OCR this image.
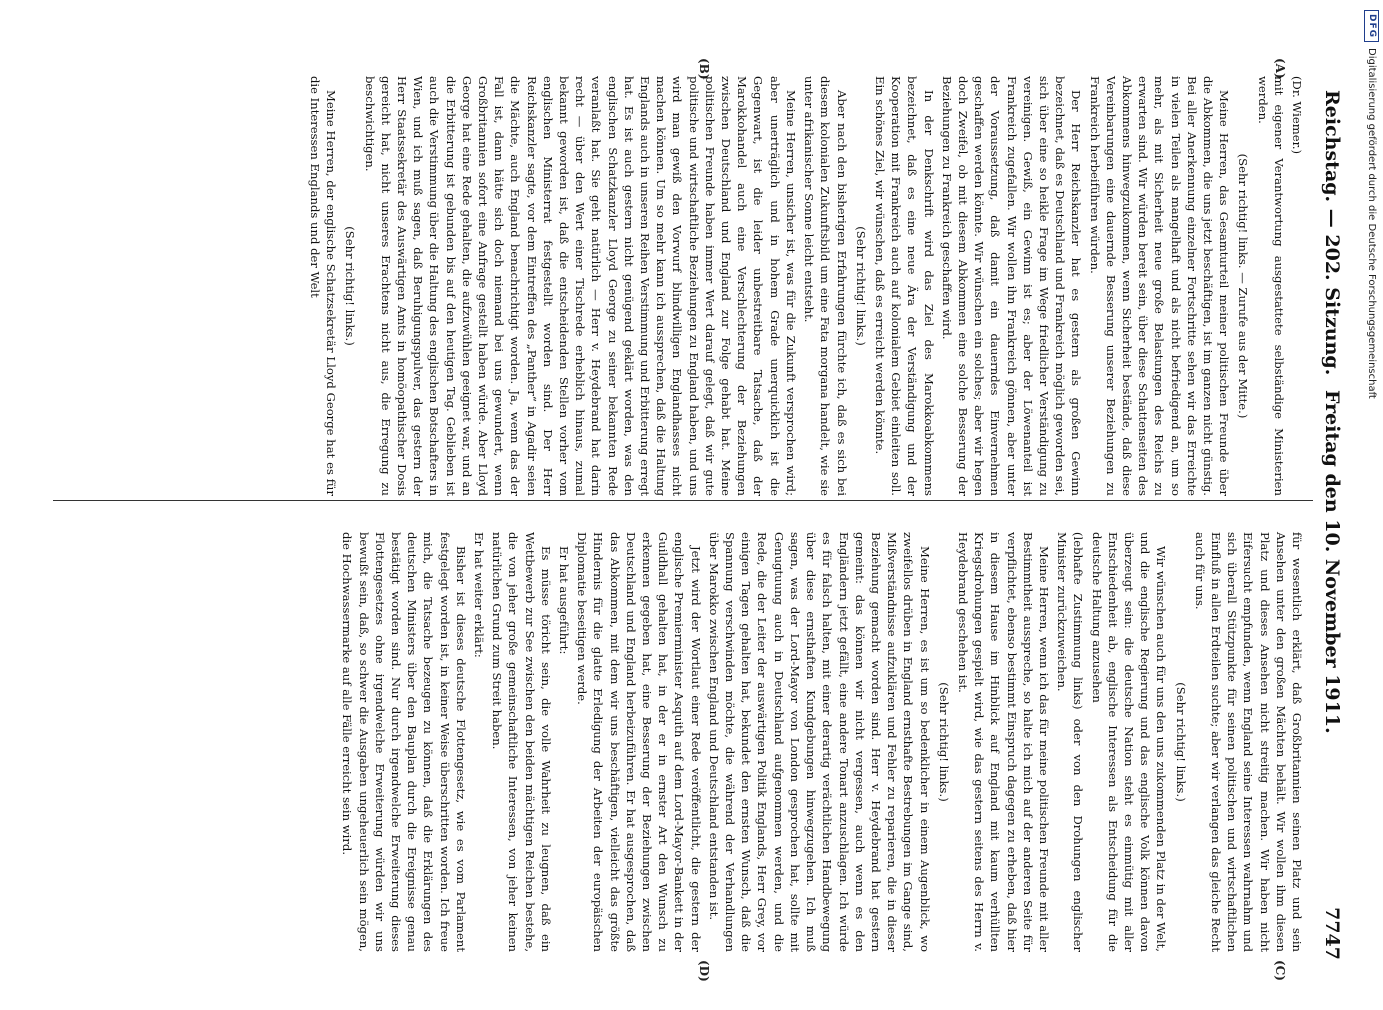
DFG
Digitalisierung gefördert durch die Deutsche Forschungsgemeinschaft
Reichstag. — 202. Sitzung.
Freitag den 10. November 1911.
7747
(A)
(B)
(C)
(D)

(Dr. Wiemer.)

mit eigener Verantwortung ausgestattete selbständige Ministerien werden.

(Sehr richtig! links. — Zurufe aus der Mitte.)

Meine Herren, das Gesamturteil meiner politischen Freunde über die Abkommen, die uns jetzt beschäftigen, ist im ganzen nicht günstig. Bei aller Anerkennung einzelner Fortschritte sehen wir das Erreichte in vielen Teilen als mangelhaft und als nicht befriedigend an, um so mehr, als mit Sicherheit neue große Belastungen des Reichs zu erwarten sind. Wir würden bereit sein, über diese Schattenseiten des Abkommens hinwegzukommen, wenn Sicherheit bestände, daß diese Vereinbarungen eine dauernde Besserung unserer Beziehungen zu Frankreich herbeiführen würden.

Der Herr Reichskanzler hat es gestern als großen Gewinn bezeichnet, daß es Deutschland und Frankreich möglich geworden sei, sich über eine so heikle Frage im Wege friedlicher Verständigung zu vereinigen. Gewiß, ein Gewinn ist es; aber der Löwenanteil ist Frankreich zugefallen. Wir wollen ihn Frankreich gönnen, aber unter der Voraussetzung, daß damit ein dauerndes Einvernehmen geschaffen werden könnte. Wir wünschen ein solches; aber wir hegen doch Zweifel, ob mit diesem Abkommen eine solche Besserung der Beziehungen zu Frankreich geschaffen wird.

In der Denkschrift wird das Ziel des Marokkoabkommens bezeichnet, daß es eine neue Ära der Verständigung und der Kooperation mit Frankreich auch auf kolonialem Gebiet einleiten soll. Ein schönes Ziel, wir wünschen, daß es erreicht werden könnte.

(Sehr richtig! links.)

Aber nach den bisherigen Erfahrungen fürchte ich, daß es sich bei diesem kolonialen Zukunftsbild um eine Fata morgana handelt, wie sie unter afrikanischer Sonne leicht entsteht.

Meine Herren, unsicher ist, was für die Zukunft versprochen wird; aber unerträglich und in hohem Grade unerquicklich ist die Gegenwart, ist die leider unbestreitbare Tatsache, daß der Marokkohandel auch eine Verschlechterung der Beziehungen zwischen Deutschland und England zur Folge gehabt hat. Meine politischen Freunde haben immer Wert darauf gelegt, daß wir gute politische und wirtschaftliche Beziehungen zu England haben, und uns wird man gewiß den Vorwurf blindwilligen Englandhasses nicht machen können. Um so mehr kann ich aussprechen, daß die Haltung Englands auch in unseren Reihen Verstimmung und Erbitterung erregt hat. Es ist auch gestern nicht genügend geklärt worden, was den englischen Schatzkanzler Lloyd George zu seiner bekannten Rede veranlaßt hat. Sie geht natürlich — Herr v. Heydebrand hat darin recht — über den Wert einer Tischrede erheblich hinaus, zumal bekannt geworden ist, daß die entscheidenden Stellen vorher vom englischen Ministerrat festgestellt worden sind. Der Herr Reichskanzler sagte, vor dem Eintreffen des „Panther“ in Agadir seien die Mächte, auch England benachrichtigt worden. Ja, wenn das der Fall ist, dann hätte sich doch niemand bei uns gewundert, wenn Großbritannien sofort eine Anfrage gestellt haben würde. Aber Lloyd George hat eine Rede gehalten, die aufzuwühlen geeignet war, und an die Erbitterung ist gebunden bis auf den heutigen Tag. Geblieben ist auch die Verstimmung über die Haltung des englischen Botschafters in Wien, und ich muß sagen, daß Beruhigungspulver, das gestern der Herr Staatssekretär des Auswärtigen Amts in homöopathischer Dosis gereicht hat, nicht unseres Erachtens nicht aus, die Erregung zu beschwichtigen.

(Sehr richtig! links.)

Meine Herren, der englische Schatzsekretär Lloyd George hat es für die Interessen Englands und der Welt

für wesentlich erklärt, daß Großbritannien seinen Platz und sein Ansehen unter den großen Mächten behält. Wir wollen ihm diesen Platz und dieses Ansehen nicht streitig machen. Wir haben nicht Eifersucht empfunden, wenn England seine Interessen wahrnahm und sich überall Stützpunkte für seinen politischen und wirtschaftlichen Einfluß in allen Erdteilen suchte; aber wir verlangen das gleiche Recht auch für uns.

(Sehr richtig! links.)

Wir wünschen auch für uns den uns zukommenden Platz in der Welt, und die englische Regierung und das englische Volk können davon überzeugt sein: die deutsche Nation steht es einmütig mit aller Entschiedenheit ab, englische Interessen als Entscheidung für die deutsche Haltung anzusehen

(lebhafte Zustimmung links) oder von den Drohungen englischer Minister zurückzuweichen.

Meine Herren, wenn ich das für meine politischen Freunde mit aller Bestimmtheit ausspreche, so halte ich mich auf der anderen Seite für verpflichtet, ebenso bestimmt Einspruch dagegen zu erheben, daß hier in diesem Hause im Hinblick auf England mit kaum verhüllten Kriegsdrohungen gespielt wird, wie das gestern seitens des Herrn v. Heydebrand geschehen ist.

(Sehr richtig! links.)

Meine Herren, es ist um so bedenklicher in einem Augenblick, wo zweifellos drüben in England ernsthafte Bestrebungen im Gange sind, Mißverständnisse aufzuklären und Fehler zu reparieren, die in dieser Beziehung gemacht worden sind. Herr v. Heydebrand hat gestern gemeint: das können wir nicht vergessen, auch wenn es den Engländern jetzt gefällt, eine andere Tonart anzuschlagen. Ich würde es für falsch halten, mit einer derartig verächtlichen Handbewegung über diese ernsthaften Kundgebungen hinwegzugehen. Ich muß sagen, was der Lord-Mayor von London gesprochen hat, sollte mit Genugtuung auch in Deutschland aufgenommen werden, und die Rede, die der Leiter der auswärtigen Politik Englands, Herr Grey, vor einigen Tagen gehalten hat, bekundet den ernsten Wunsch, daß die Spannung verschwinden möchte, die während der Verhandlungen über Marokko zwischen England und Deutschland entstanden ist.

Jetzt wird der Wortlaut einer Rede veröffentlicht, die gestern der englische Premierminister Asquith auf dem Lord-Mayor-Bankett in der Guildhall gehalten hat, in der er in ernster Art den Wunsch zu erkennen gegeben hat, eine Besserung der Beziehungen zwischen Deutschland und England herbeizuführen. Er hat ausgesprochen, daß das Abkommen, mit dem wir uns beschäftigen, vielleicht das größte Hindernis für die glatte Erledigung der Arbeiten der europäischen Diplomatie beseitigen werde.

Er hat ausgeführt:

Es müsse töricht sein, die volle Wahrheit zu leugnen, daß ein Wettbewerb zur See zwischen den beiden mächtigen Reichen bestehe, die von jeher große gemeinschaftliche Interessen, von jeher keinen natürlichen Grund zum Streit haben.

Er hat weiter erklärt:

Bisher ist dieses deutsche Flottengesetz, wie es vom Parlament festgelegt worden ist, in keiner Weise überschritten worden. Ich freue mich, die Tatsache bezeugen zu können, daß die Erklärungen des deutschen Ministers über den Bauplan durch die Ereignisse genau bestätigt worden sind. Nur durch irgendwelche Erweiterung dieses Flottengesetzes ohne irgendwelche Erweiterung würden wir uns bewußt sein, daß, so schwer die Ausgaben ungeheuerlich sein mögen, die Hochwassermarke auf alle Fälle erreicht sein wird.
